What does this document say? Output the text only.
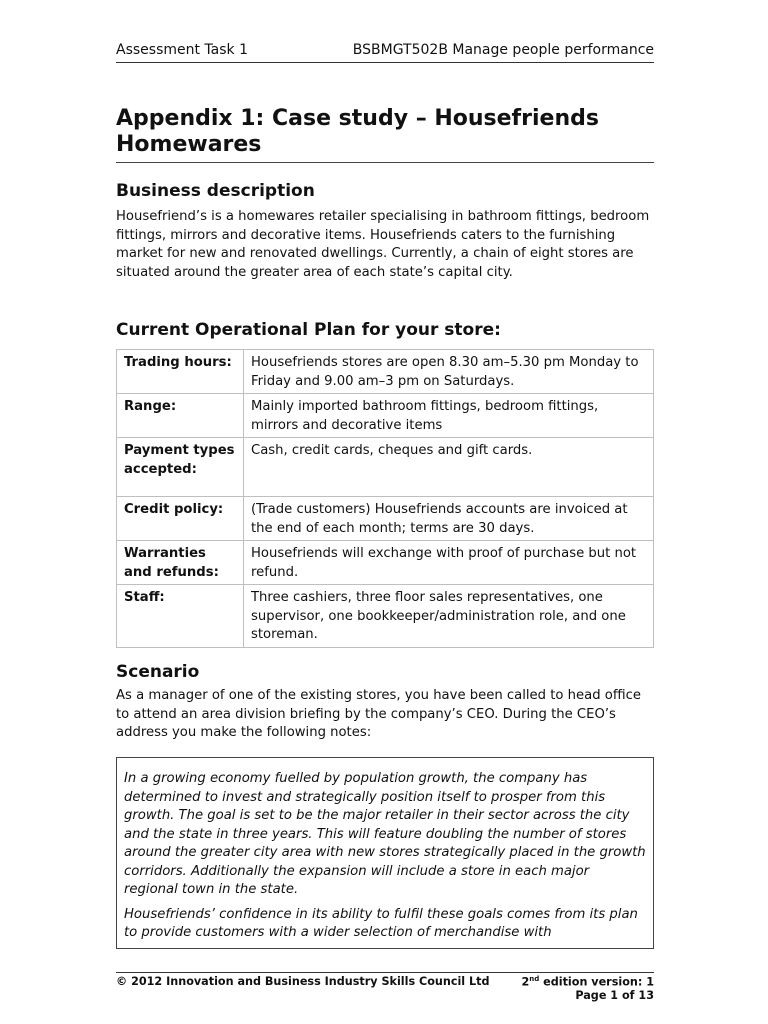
Assessment Task 1	BSBMGT502B Manage people performance
Appendix 1: Case study – Housefriends Homewares
Business description

Housefriend’s is a homewares retailer specialising in bathroom fittings, bedroom fittings, mirrors and decorative items. Housefriends caters to the furnishing market for new and renovated dwellings. Currently, a chain of eight stores are situated around the greater area of each state’s capital city.

Current Operational Plan for your store:
Trading hours:	Housefriends stores are open 8.30 am–5.30 pm Monday to Friday and 9.00 am–3 pm on Saturdays.
Range:	Mainly imported bathroom fittings, bedroom fittings, mirrors and decorative items
Payment types accepted:	Cash, credit cards, cheques and gift cards.
Credit policy:	(Trade customers) Housefriends accounts are invoiced at the end of each month; terms are 30 days.
Warranties and refunds:	Housefriends will exchange with proof of purchase but not refund.
Staff:	Three cashiers, three floor sales representatives, one supervisor, one bookkeeper/administration role, and one storeman.
Scenario

As a manager of one of the existing stores, you have been called to head office to attend an area division briefing by the company’s CEO. During the CEO’s address you make the following notes:

In a growing economy fuelled by population growth, the company has determined to invest and strategically position itself to prosper from this growth. The goal is set to be the major retailer in their sector across the city and the state in three years. This will feature doubling the number of stores around the greater city area with new stores strategically placed in the growth corridors. Additionally the expansion will include a store in each major regional town in the state.

Housefriends’ confidence in its ability to fulfil these goals comes from its plan to provide customers with a wider selection of merchandise with

© 2012 Innovation and Business Industry Skills Council Ltd	2nd edition version: 1
Page 1 of 13
